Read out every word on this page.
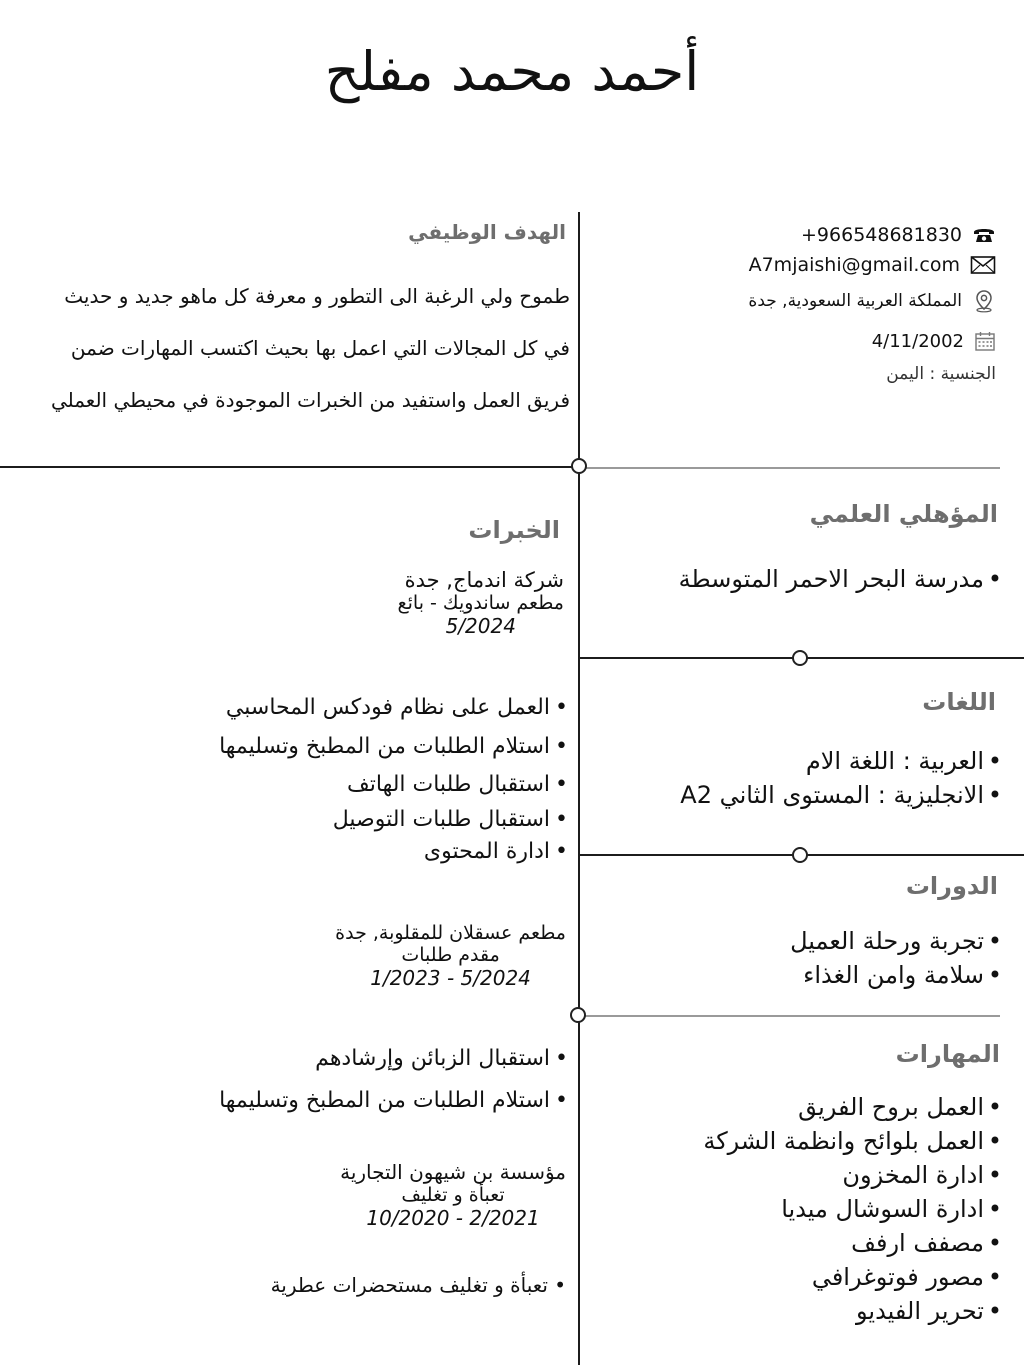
أحمد محمد مفلح
+966548681830
A7mjaishi@gmail.com
المملكة العربية السعودية, جدة
4/11/2002
الجنسية : اليمن
الهدف الوظيفي

طموح ولي الرغبة الى التطور و معرفة كل ماهو جديد و حديث

في كل المجالات التي اعمل بها بحيث اكتسب المهارات ضمن

فريق العمل واستفيد من الخبرات الموجودة في محيطي العملي

المؤهلي العلمي
• مدرسة البحر الاحمر المتوسطة
اللغات
• العربية : اللغة الام
• الانجليزية : المستوى الثاني A2
الدورات
• تجربة ورحلة العميل
• سلامة وامن الغذاء
المهارات
• العمل بروح الفريق
• العمل بلوائح وانظمة الشركة
• ادارة المخزون
• ادارة السوشال ميديا
• مصفف ارفف
• مصور فوتوغرافي
• تحرير الفيديو
الخبرات
شركة اندماج, جدة
مطعم ساندويك - بائع
5/2024
• العمل على نظام فودكس المحاسبي
• استلام الطلبات من المطبخ وتسليمها
• استقبال طلبات الهاتف
• استقبال طلبات التوصيل
• ادارة المحتوى
مطعم عسقلان للمقلوبة, جدة
مقدم طلبات
1/2023 - 5/2024
• استقبال الزبائن وإرشادهم
• استلام الطلبات من المطبخ وتسليمها
مؤسسة بن شيهون التجارية
تعبأة و تغليف
10/2020 - 2/2021
• تعبأة و تغليف مستحضرات عطرية
